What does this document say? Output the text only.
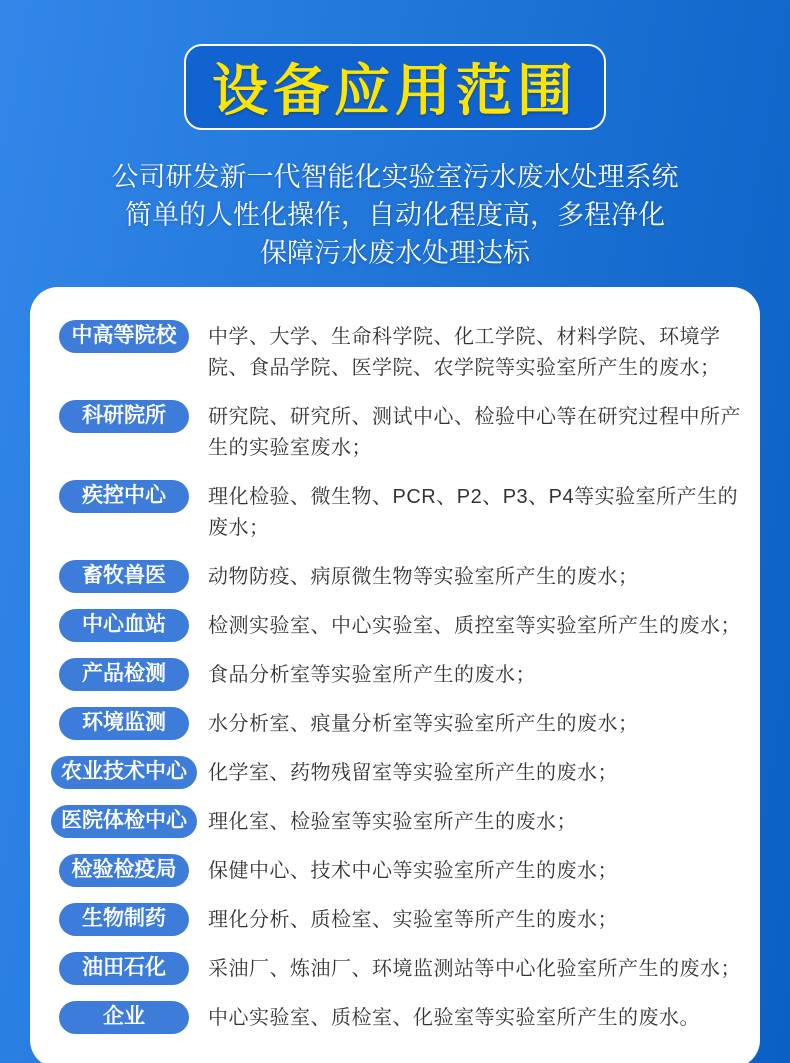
设备应用范围
公司研发新一代智能化实验室污水废水处理系统
简单的人性化操作，自动化程度高，多程净化
保障污水废水处理达标
中高等院校	中学、大学、生命科学院、化工学院、材料学院、环境学院、食品学院、医学院、农学院等实验室所产生的废水；
科研院所	研究院、研究所、测试中心、检验中心等在研究过程中所产生的实验室废水；
疾控中心	理化检验、微生物、PCR、P2、P3、P4等实验室所产生的废水；
畜牧兽医	动物防疫、病原微生物等实验室所产生的废水；
中心血站	检测实验室、中心实验室、质控室等实验室所产生的废水；
产品检测	食品分析室等实验室所产生的废水；
环境监测	水分析室、痕量分析室等实验室所产生的废水；
农业技术中心	化学室、药物残留室等实验室所产生的废水；
医院体检中心	理化室、检验室等实验室所产生的废水；
检验检疫局	保健中心、技术中心等实验室所产生的废水；
生物制药	理化分析、质检室、实验室等所产生的废水；
油田石化	采油厂、炼油厂、环境监测站等中心化验室所产生的废水；
企业	中心实验室、质检室、化验室等实验室所产生的废水。
